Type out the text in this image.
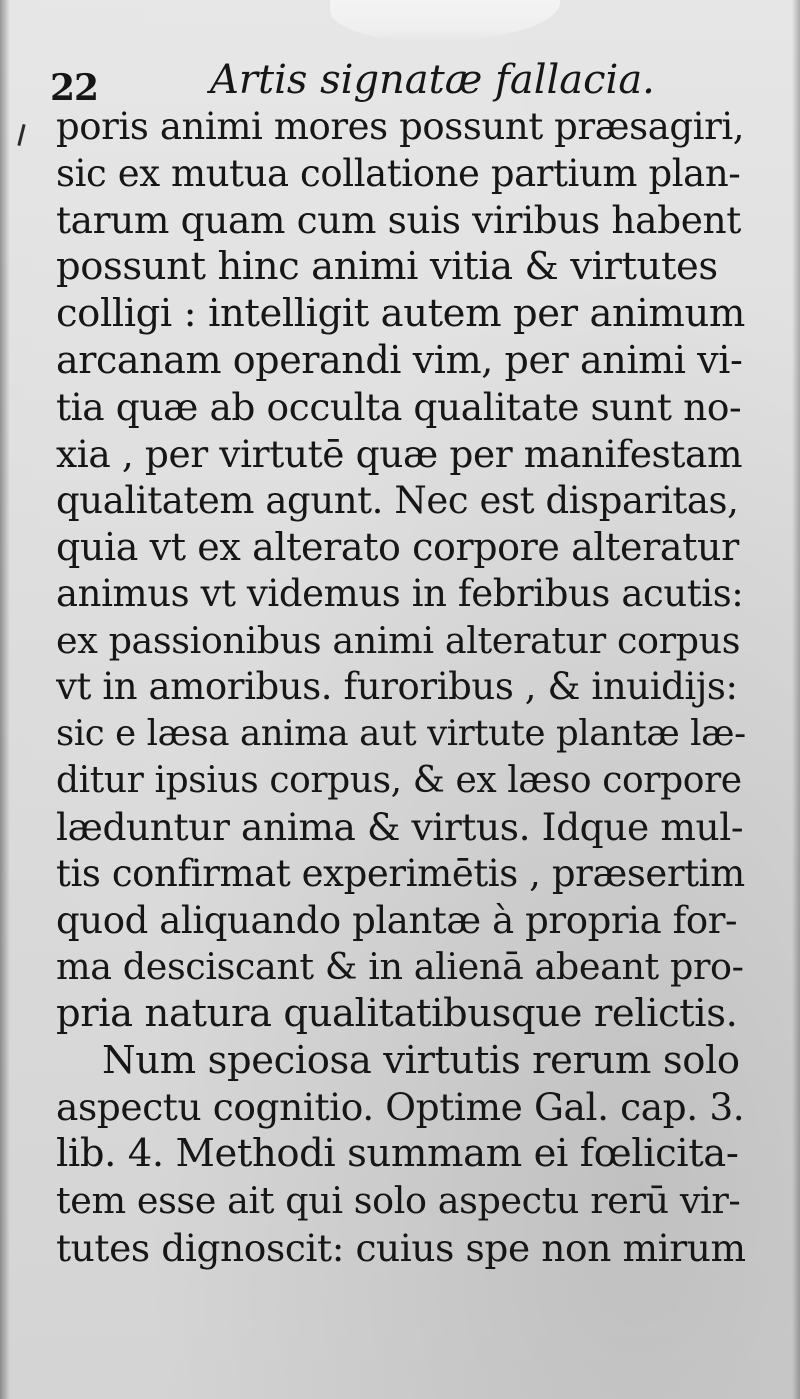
22	Artis signatæ fallacia.
poris animi mores possunt præsagiri,
sic ex mutua collatione partium plan-
tarum quam cum suis viribus habent
possunt hinc animi vitia & virtutes
colligi : intelligit autem per animum
arcanam operandi vim, per animi vi-
tia quæ ab occulta qualitate sunt no-
xia , per virtutē quæ per manifestam
qualitatem agunt. Nec est disparitas,
quia vt ex alterato corpore alteratur
animus vt videmus in febribus acutis:
ex passionibus animi alteratur corpus
vt in amoribus. furoribus , & inuidijs:
sic e læsa anima aut virtute plantæ læ-
ditur ipsius corpus, & ex læso corpore
læduntur anima & virtus. Idque mul-
tis confirmat experimētis , præsertim
quod aliquando plantæ à propria for-
ma desciscant & in alienā abeant pro-
pria natura qualitatibusque relictis.
Num speciosa virtutis rerum solo
aspectu cognitio. Optime Gal. cap. 3.
lib. 4. Methodi summam ei fœlicita-
tem esse ait qui solo aspectu rerū vir-
tutes dignoscit: cuius spe non mirum
